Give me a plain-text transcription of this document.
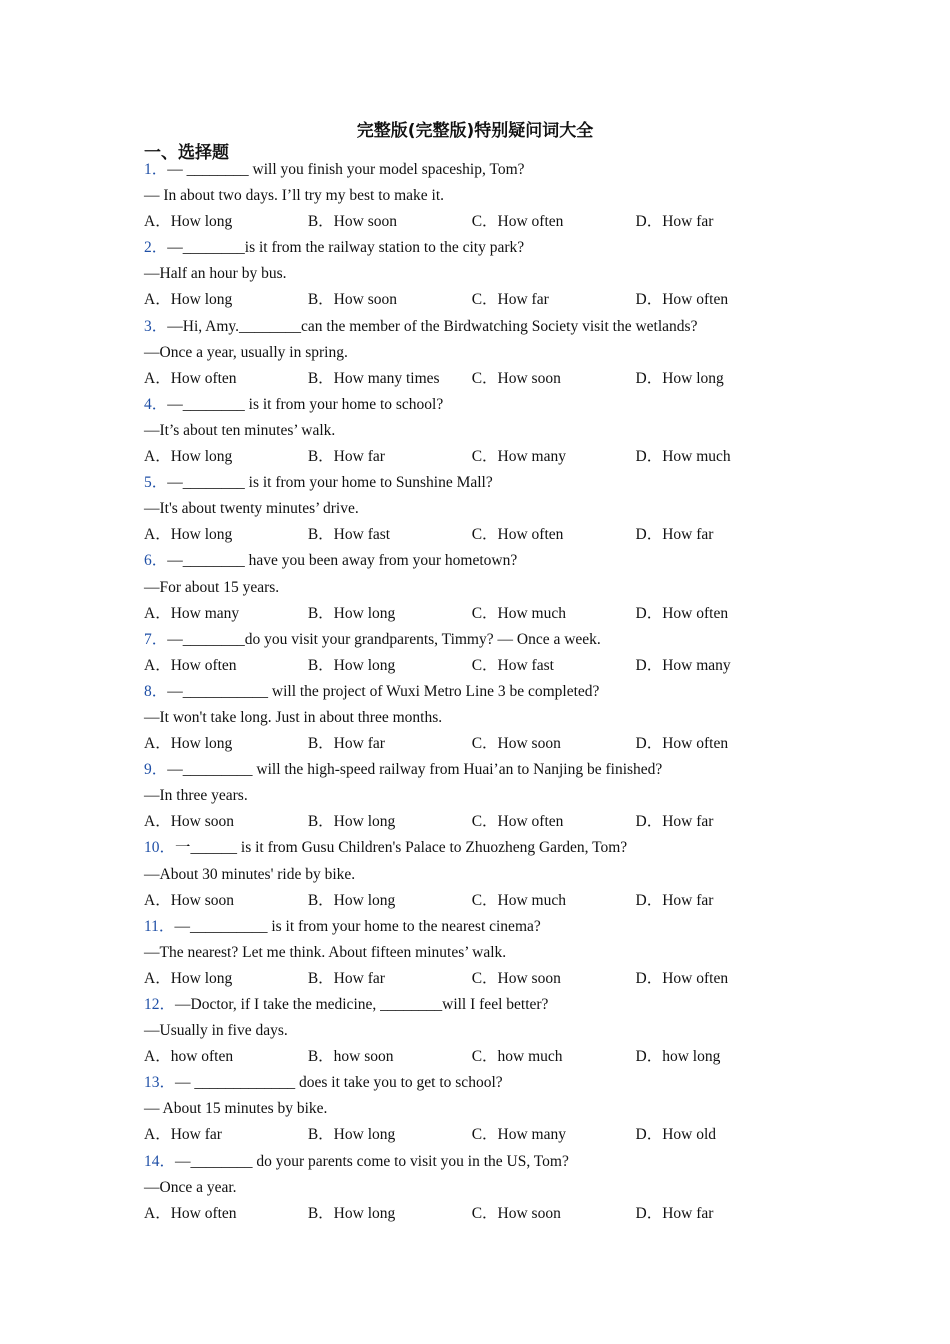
完整版(完整版)特别疑问词大全
一、选择题
1．— ________ will you finish your model spaceship, Tom?
— In about two days. I’ll try my best to make it.
A．How long	B．How soon	C．How often	D．How far
2．—________is it from the railway station to the city park?
—Half an hour by bus.
A．How long	B．How soon	C．How far	D．How often
3．—Hi, Amy.________can the member of the Birdwatching Society visit the wetlands?
—Once a year, usually in spring.
A．How often	B．How many times	C．How soon	D．How long
4．—________ is it from your home to school?
—It’s about ten minutes’ walk.
A．How long	B．How far	C．How many	D．How much
5．—________ is it from your home to Sunshine Mall?
—It's about twenty minutes’ drive.
A．How long	B．How fast	C．How often	D．How far
6．—________ have you been away from your hometown?
—For about 15 years.
A．How many	B．How long	C．How much	D．How often
7．—________do you visit your grandparents, Timmy? — Once a week.
A．How often	B．How long	C．How fast	D．How many
8．—___________ will the project of Wuxi Metro Line 3 be completed?
—It won't take long. Just in about three months.
A．How long	B．How far	C．How soon	D．How often
9．—_________ will the high-speed railway from Huai’an to Nanjing be finished?
—In three years.
A．How soon	B．How long	C．How often	D．How far
10．一______ is it from Gusu Children's Palace to Zhuozheng Garden, Tom?
—About 30 minutes' ride by bike.
A．How soon	B．How long	C．How much	D．How far
11．—__________ is it from your home to the nearest cinema?
—The nearest? Let me think. About fifteen minutes’ walk.
A．How long	B．How far	C．How soon	D．How often
12．—Doctor, if I take the medicine, ________will I feel better?
—Usually in five days.
A．how often	B．how soon	C．how much	D．how long
13．— _____________ does it take you to get to school?
— About 15 minutes by bike.
A．How far	B．How long	C．How many	D．How old
14．—________ do your parents come to visit you in the US, Tom?
—Once a year.
A．How often	B．How long	C．How soon	D．How far
